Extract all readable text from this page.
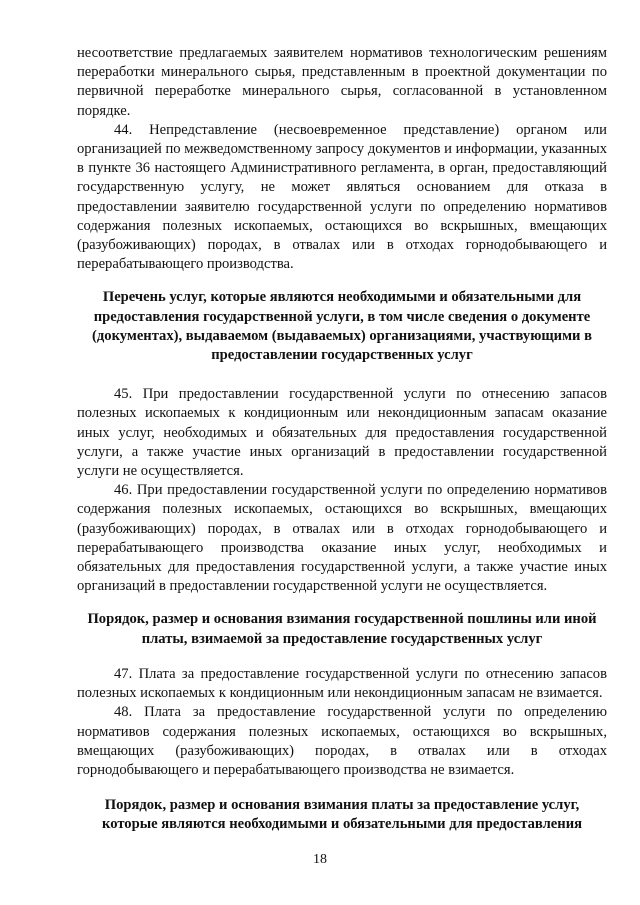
несоответствие предлагаемых заявителем нормативов технологическим решениям переработки минерального сырья, представленным в проектной документации по первичной переработке минерального сырья, согласованной в установленном порядке.

44. Непредставление (несвоевременное представление) органом или организацией по межведомственному запросу документов и информации, указанных в пункте 36 настоящего Административного регламента, в орган, предоставляющий государственную услугу, не может являться основанием для отказа в предоставлении заявителю государственной услуги по определению нормативов содержания полезных ископаемых, остающихся во вскрышных, вмещающих (разубоживающих) породах, в отвалах или в отходах горнодобывающего и перерабатывающего производства.

Перечень услуг, которые являются необходимыми и обязательными для предоставления государственной услуги, в том числе сведения о документе (документах), выдаваемом (выдаваемых) организациями, участвующими в предоставлении государственных услуг

45. При предоставлении государственной услуги по отнесению запасов полезных ископаемых к кондиционным или некондиционным запасам оказание иных услуг, необходимых и обязательных для предоставления государственной услуги, а также участие иных организаций в предоставлении государственной услуги не осуществляется.

46. При предоставлении государственной услуги по определению нормативов содержания полезных ископаемых, остающихся во вскрышных, вмещающих (разубоживающих) породах, в отвалах или в отходах горнодобывающего и перерабатывающего производства оказание иных услуг, необходимых и обязательных для предоставления государственной услуги, а также участие иных организаций в предоставлении государственной услуги не осуществляется.

Порядок, размер и основания взимания государственной пошлины или иной платы, взимаемой за предоставление государственных услуг

47. Плата за предоставление государственной услуги по отнесению запасов полезных ископаемых к кондиционным или некондиционным запасам не взимается.

48. Плата за предоставление государственной услуги по определению нормативов содержания полезных ископаемых, остающихся во вскрышных, вмещающих (разубоживающих) породах, в отвалах или в отходах горнодобывающего и перерабатывающего производства не взимается.

Порядок, размер и основания взимания платы за предоставление услуг, которые являются необходимыми и обязательными для предоставления

18
